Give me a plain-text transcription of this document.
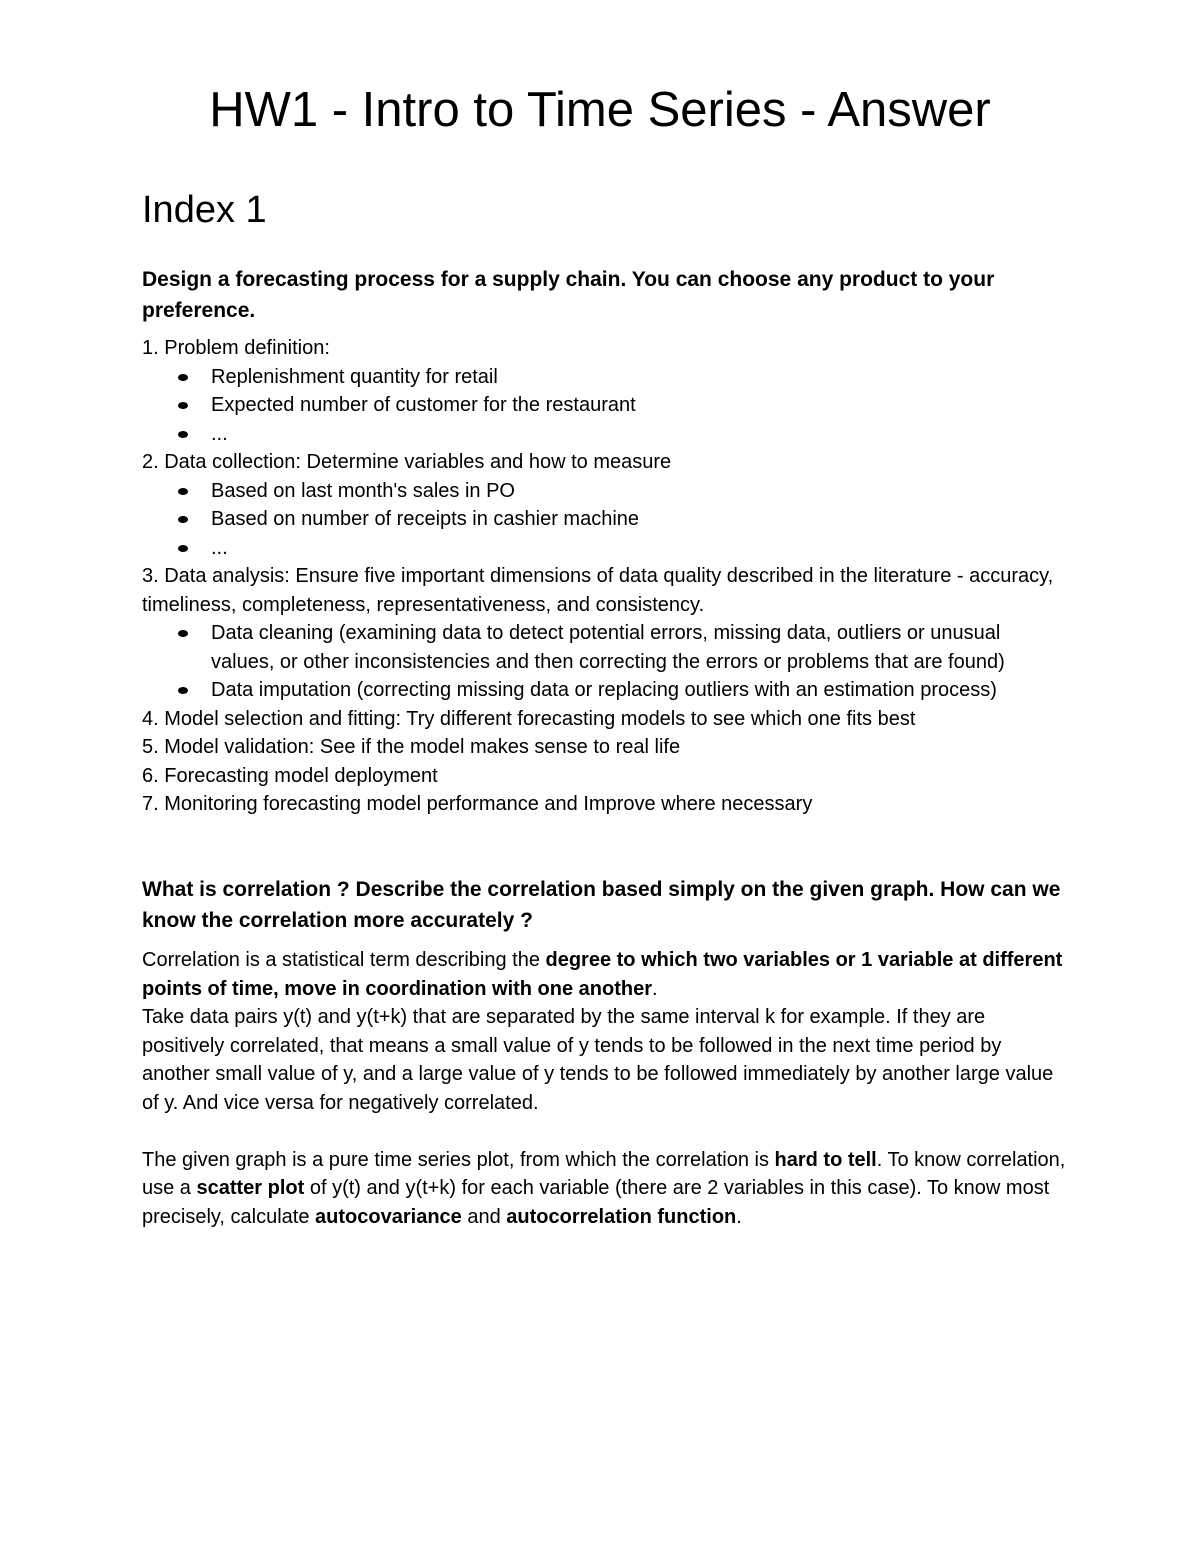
HW1 - Intro to Time Series - Answer
Index 1

Design a forecasting process for a supply chain. You can choose any product to your preference.

1. Problem definition:
Replenishment quantity for retail
Expected number of customer for the restaurant
...
2. Data collection: Determine variables and how to measure
Based on last month's sales in PO
Based on number of receipts in cashier machine
...
3. Data analysis: Ensure five important dimensions of data quality described in the literature - accuracy, timeliness, completeness, representativeness, and consistency.
Data cleaning (examining data to detect potential errors, missing data, outliers or unusual values, or other inconsistencies and then correcting the errors or problems that are found)
Data imputation (correcting missing data or replacing outliers with an estimation process)
4. Model selection and fitting: Try different forecasting models to see which one fits best
5. Model validation: See if the model makes sense to real life
6. Forecasting model deployment
7. Monitoring forecasting model performance and Improve where necessary

What is correlation ? Describe the correlation based simply on the given graph. How can we know the correlation more accurately ?

Correlation is a statistical term describing the degree to which two variables or 1 variable at different points of time, move in coordination with one another.

Take data pairs y(t) and y(t+k) that are separated by the same interval k for example. If they are positively correlated, that means a small value of y tends to be followed in the next time period by another small value of y, and a large value of y tends to be followed immediately by another large value of y. And vice versa for negatively correlated.

The given graph is a pure time series plot, from which the correlation is hard to tell. To know correlation, use a scatter plot of y(t) and y(t+k) for each variable (there are 2 variables in this case). To know most precisely, calculate autocovariance and autocorrelation function.
